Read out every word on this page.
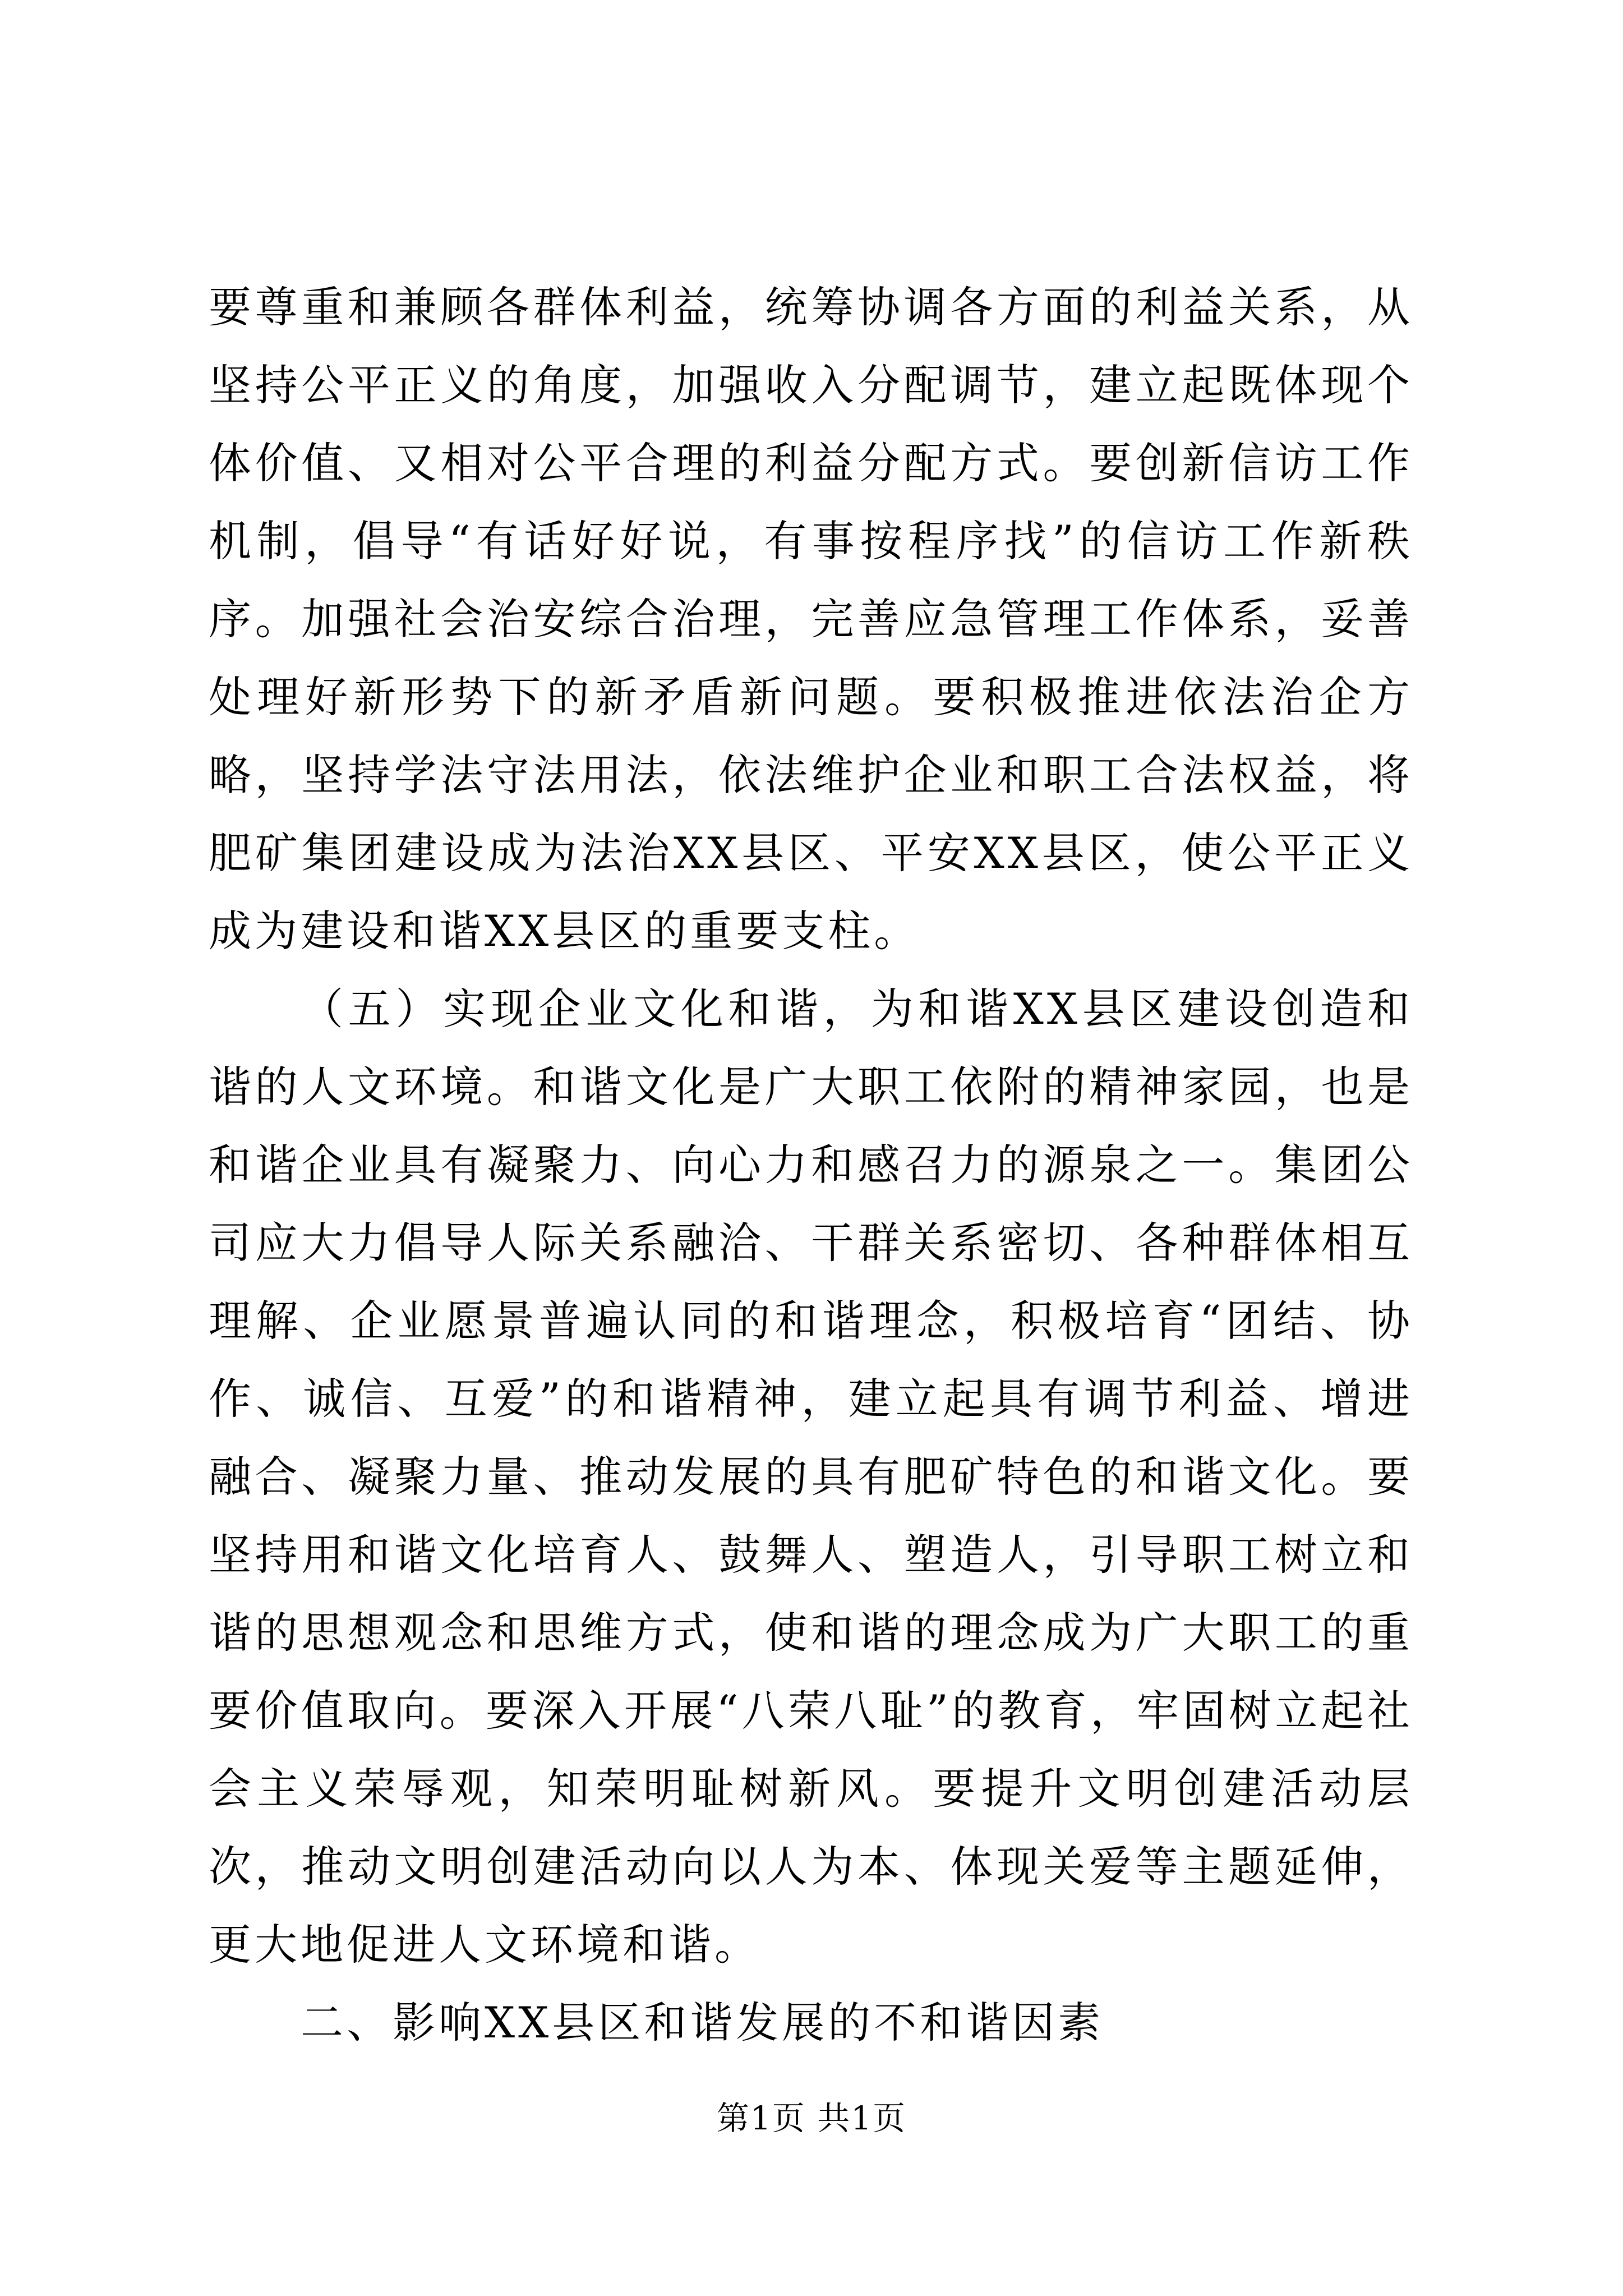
要尊重和兼顾各群体利益，统筹协调各方面的利益关系，从坚持公平正义的角度，加强收入分配调节，建立起既体现个体价值、又相对公平合理的利益分配方式。要创新信访工作机制，倡导“有话好好说，有事按程序找”的信访工作新秩序。加强社会治安综合治理，完善应急管理工作体系，妥善处理好新形势下的新矛盾新问题。要积极推进依法治企方略，坚持学法守法用法，依法维护企业和职工合法权益，将肥矿集团建设成为法治XX县区、平安XX县区，使公平正义成为建设和谐XX县区的重要支柱。

（五）实现企业文化和谐，为和谐XX县区建设创造和谐的人文环境。和谐文化是广大职工依附的精神家园，也是和谐企业具有凝聚力、向心力和感召力的源泉之一。集团公司应大力倡导人际关系融洽、干群关系密切、各种群体相互理解、企业愿景普遍认同的和谐理念，积极培育“团结、协作、诚信、互爱”的和谐精神，建立起具有调节利益、增进融合、凝聚力量、推动发展的具有肥矿特色的和谐文化。要坚持用和谐文化培育人、鼓舞人、塑造人，引导职工树立和谐的思想观念和思维方式，使和谐的理念成为广大职工的重要价值取向。要深入开展“八荣八耻”的教育，牢固树立起社会主义荣辱观，知荣明耻树新风。要提升文明创建活动层次，推动文明创建活动向以人为本、体现关爱等主题延伸，更大地促进人文环境和谐。

二、影响XX县区和谐发展的不和谐因素

第1页 共1页
